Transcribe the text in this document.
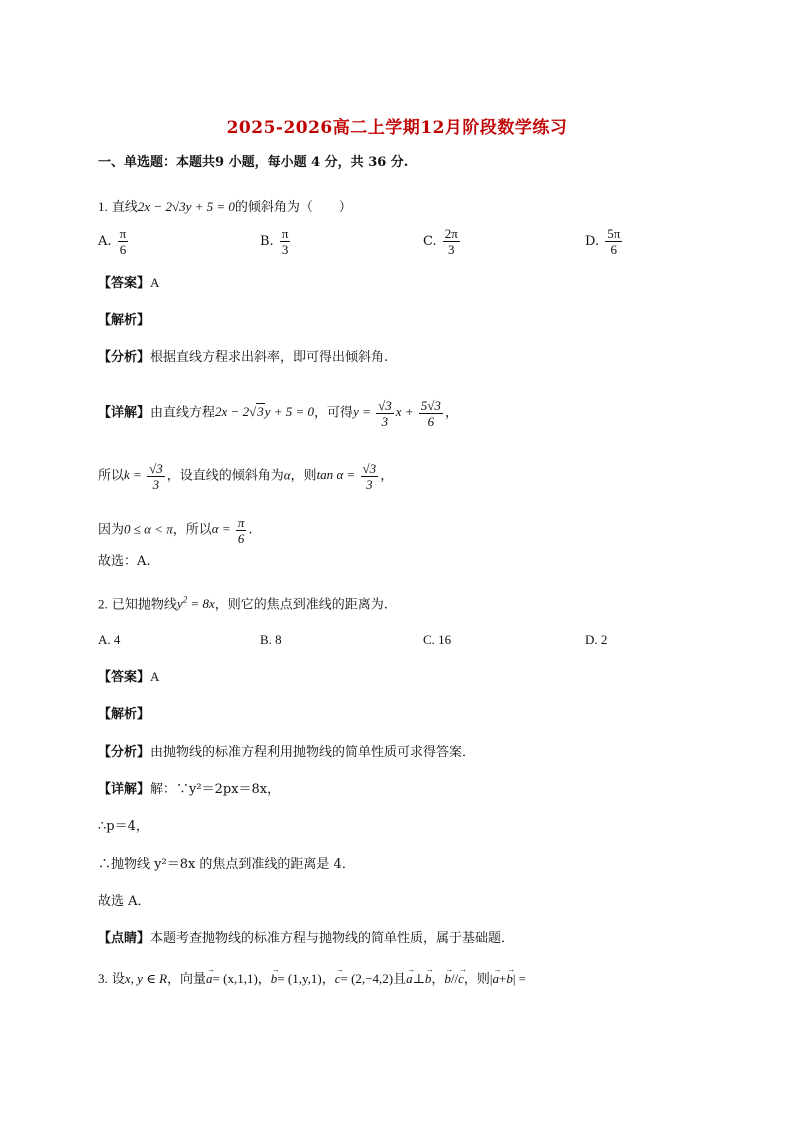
2025-2026高二上学期12月阶段数学练习
一、单选题：本题共9 小题，每小题 4 分，共 36 分.
1. 直线2x − 2√3y + 5 = 0的倾斜角为（　　）
A. $\frac{\pi}{6}$	B. $\frac{\pi}{3}$	C. $\frac{2\pi}{3}$	D. $\frac{5\pi}{6}$
【答案】A
【解析】
【分析】根据直线方程求出斜率，即可得出倾斜角.
【详解】由直线方程2x − 2√3y + 5 = 0，可得$y = \frac{√3}{3}$ $x + \frac{5√3}{6}$ ，
所以$k = \frac{√3}{3}$ ，设直线的倾斜角为α，则$\tan \alpha = \frac{√3}{3}$ ，
因为0 ≤ α < π，所以$\alpha = \frac{\pi}{6}$ .
故选：A.
2. 已知抛物线$y^2 = 8x$，则它的焦点到准线的距离为.
A. 4	B. 8	C. 16	D. 2
【答案】A
【解析】
【分析】由抛物线的标准方程利用抛物线的简单性质可求得答案．
【详解】解：∵y²＝2px＝8x，
∴p＝4，
∴抛物线 y²＝8x 的焦点到准线的距离是 4．
故选 A．
【点睛】本题考查抛物线的标准方程与抛物线的简单性质，属于基础题．
3. 设x, y ∈ R，向量
→
a= (x,1,1)，
→
b= (1,y,1)，
→
c= (2,−4,2)且
→
a⊥
→
b，
→
b//
→
c，则|
→
a+
→
b| =
